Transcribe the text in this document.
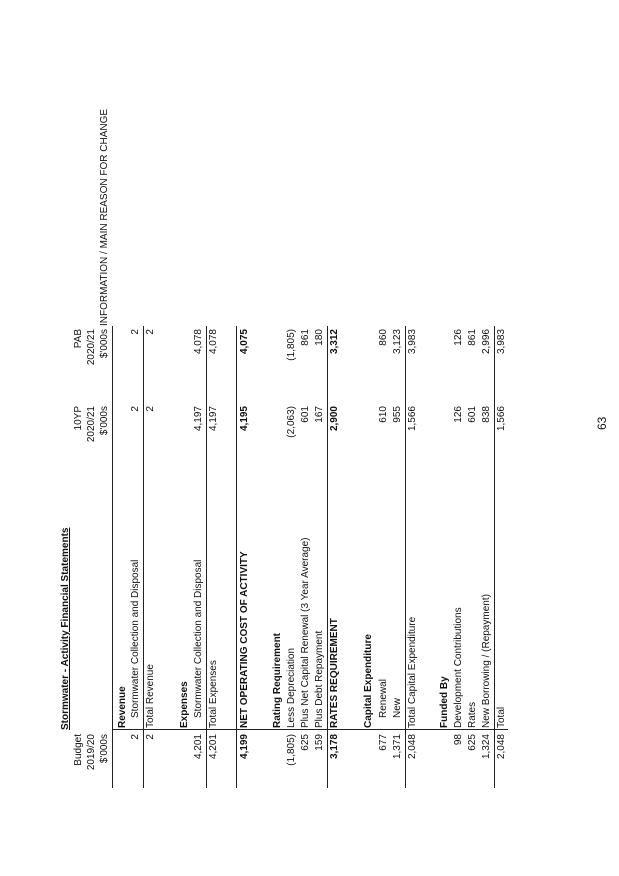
Stormwater - Activity Financial Statements
Budget
10YP
PAB
2019/20
2020/21
2020/21
$'000s
$'000s
$'000s
INFORMATION / MAIN REASON FOR CHANGE
Revenue
2
Stormwater Collection and Disposal
2
2
2
Total Revenue
2
2
Expenses
4,201
Stormwater Collection and Disposal
4,197
4,078
4,201
Total Expenses
4,197
4,078
4,199
NET OPERATING COST OF ACTIVITY
4,195
4,075
Rating Requirement
(1,805)
Less Depreciation
(2,063)
(1,805)
625
Plus Net Capital Renewal (3 Year Average)
601
861
159
Plus Debt Repayment
167
180
3,178
RATES REQUIREMENT
2,900
3,312
Capital Expenditure
677
Renewal
610
860
1,371
New
955
3,123
2,048
Total Capital Expenditure
1,566
3,983
Funded By
98
Development Contributions
126
126
625
Rates
601
861
1,324
New Borrowing / (Repayment)
838
2,996
2,048
Total
1,566
3,983
63
